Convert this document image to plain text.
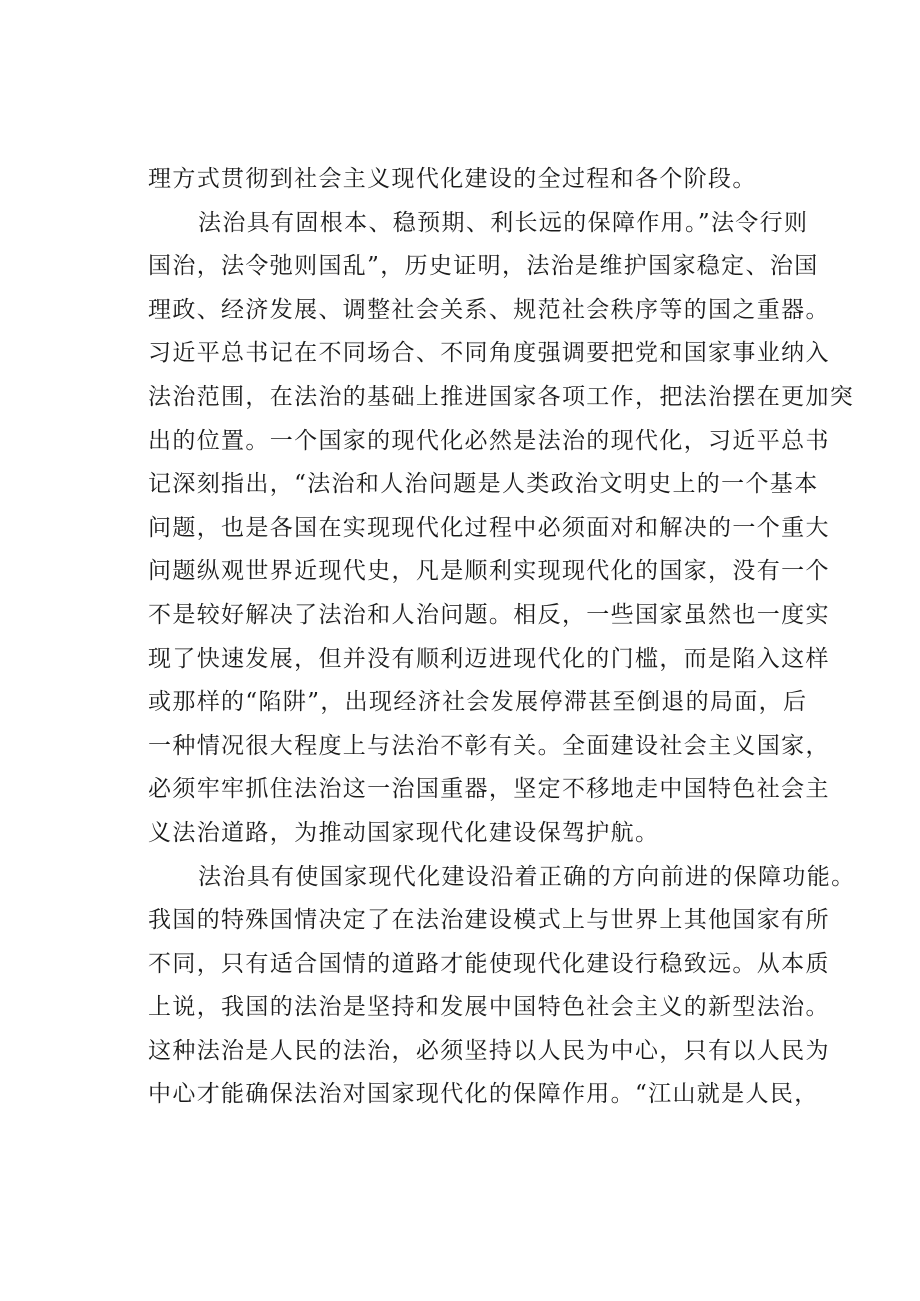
理方式贯彻到社会主义现代化建设的全过程和各个阶段。
法治具有固根本、稳预期、利长远的保障作用。”法令行则
国治，法令弛则国乱”，历史证明，法治是维护国家稳定、治国
理政、经济发展、调整社会关系、规范社会秩序等的国之重器。
习近平总书记在不同场合、不同角度强调要把党和国家事业纳入
法治范围，在法治的基础上推进国家各项工作，把法治摆在更加突
出的位置。一个国家的现代化必然是法治的现代化，习近平总书
记深刻指出，“法治和人治问题是人类政治文明史上的一个基本
问题，也是各国在实现现代化过程中必须面对和解决的一个重大
问题纵观世界近现代史，凡是顺利实现现代化的国家，没有一个
不是较好解决了法治和人治问题。相反，一些国家虽然也一度实
现了快速发展，但并没有顺利迈进现代化的门槛，而是陷入这样
或那样的“陷阱”，出现经济社会发展停滞甚至倒退的局面，后
一种情况很大程度上与法治不彰有关。全面建设社会主义国家，
必须牢牢抓住法治这一治国重器，坚定不移地走中国特色社会主
义法治道路，为推动国家现代化建设保驾护航。
法治具有使国家现代化建设沿着正确的方向前进的保障功能。
我国的特殊国情决定了在法治建设模式上与世界上其他国家有所
不同，只有适合国情的道路才能使现代化建设行稳致远。从本质
上说，我国的法治是坚持和发展中国特色社会主义的新型法治。
这种法治是人民的法治，必须坚持以人民为中心，只有以人民为
中心才能确保法治对国家现代化的保障作用。“江山就是人民，
